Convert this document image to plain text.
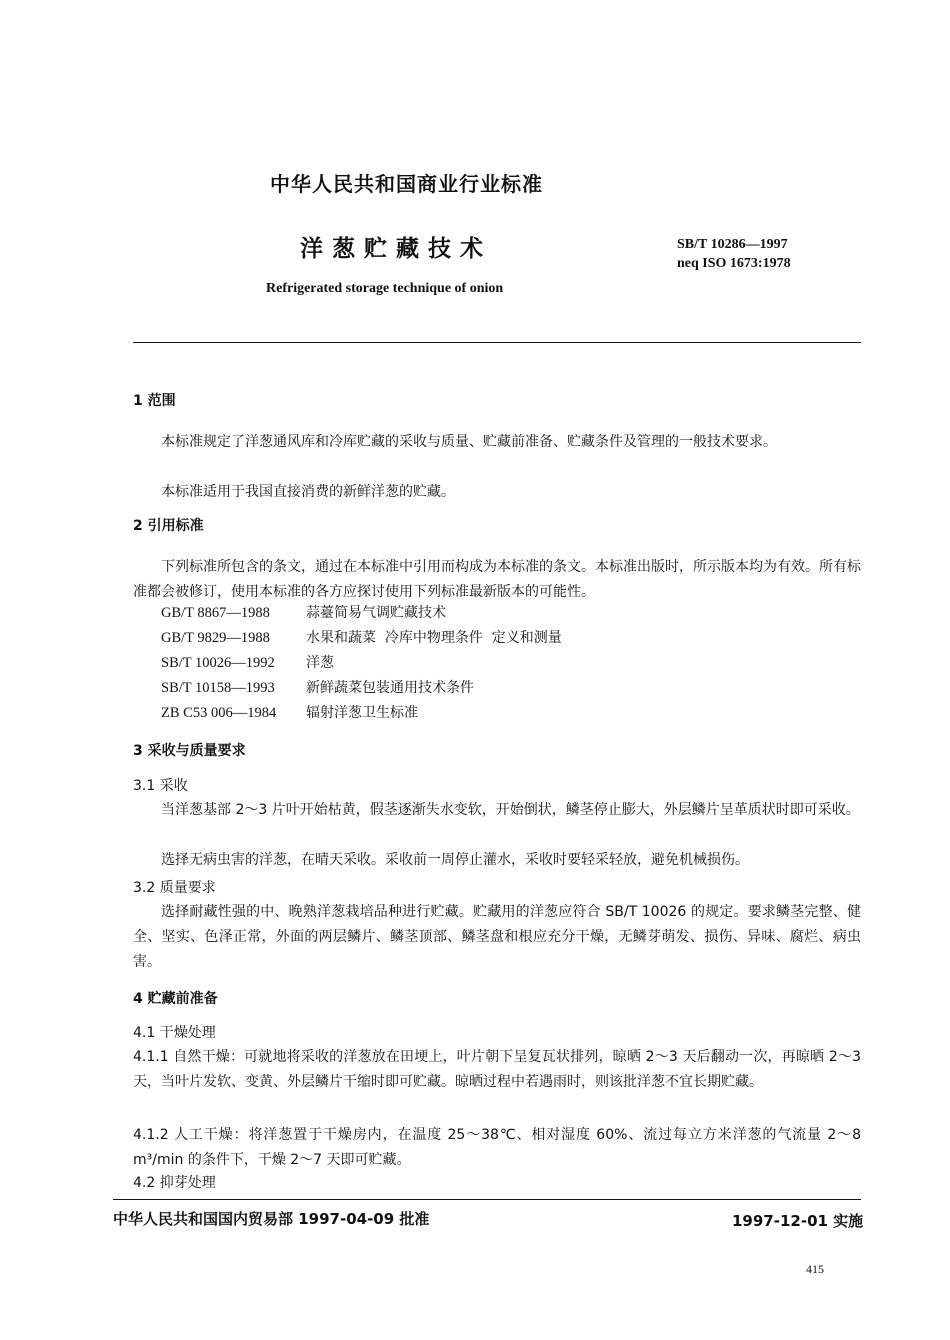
中华人民共和国商业行业标准
洋葱贮藏技术	SB/T 10286—1997
neq ISO 1673:1978
Refrigerated storage technique of onion
1 范围
本标准规定了洋葱通风库和冷库贮藏的采收与质量、贮藏前准备、贮藏条件及管理的一般技术要求。
本标准适用于我国直接消费的新鲜洋葱的贮藏。
2 引用标准
下列标准所包含的条文，通过在本标准中引用而构成为本标准的条文。本标准出版时，所示版本均为有效。所有标准都会被修订，使用本标准的各方应探讨使用下列标准最新版本的可能性。
GB/T 8867—1988	蒜薹简易气调贮藏技术
GB/T 9829—1988	水果和蔬菜  冷库中物理条件  定义和测量
SB/T 10026—1992 洋葱
SB/T 10158—1993 新鲜蔬菜包装通用技术条件
ZB C53 006—1984 辐射洋葱卫生标准
3 采收与质量要求
3.1 采收
当洋葱基部 2～3 片叶开始枯黄，假茎逐渐失水变软，开始倒状，鳞茎停止膨大，外层鳞片呈革质状时即可采收。
选择无病虫害的洋葱，在晴天采收。采收前一周停止灌水，采收时要轻采轻放，避免机械损伤。
3.2 质量要求
选择耐藏性强的中、晚熟洋葱栽培品种进行贮藏。贮藏用的洋葱应符合 SB/T 10026 的规定。要求鳞茎完整、健全、坚实、色泽正常，外面的两层鳞片、鳞茎顶部、鳞茎盘和根应充分干燥，无鳞芽萌发、损伤、异味、腐烂、病虫害。
4 贮藏前准备
4.1 干燥处理
4.1.1 自然干燥：可就地将采收的洋葱放在田埂上，叶片朝下呈复瓦状排列，晾晒 2～3 天后翻动一次，再晾晒 2～3 天，当叶片发软、变黄、外层鳞片干缩时即可贮藏。晾晒过程中若遇雨时，则该批洋葱不宜长期贮藏。
4.1.2 人工干燥：将洋葱置于干燥房内，在温度 25～38℃、相对湿度 60%、流过每立方米洋葱的气流量 2～8 m³/min 的条件下，干燥 2～7 天即可贮藏。
4.2 抑芽处理
中华人民共和国国内贸易部 1997-04-09 批准	1997-12-01 实施
415
